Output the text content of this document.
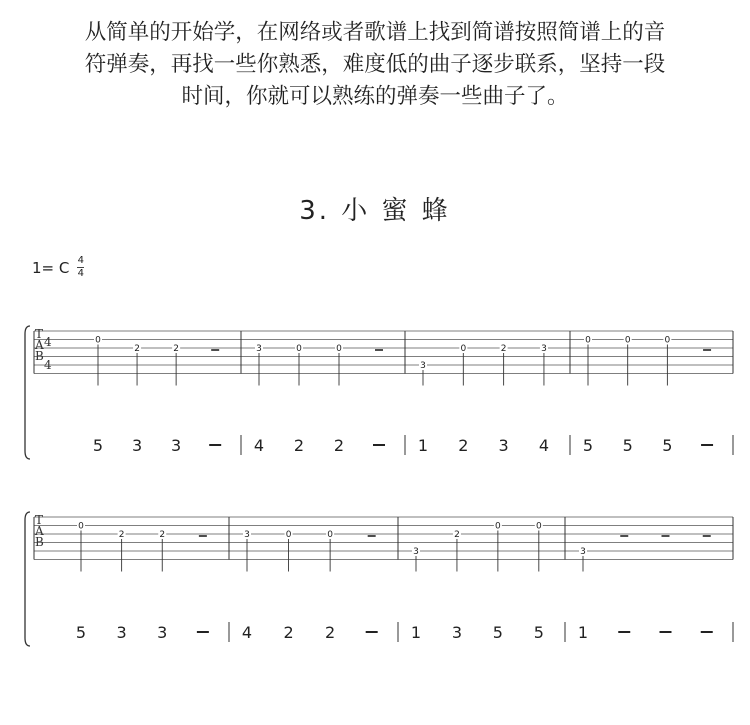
从简单的开始学，在网络或者歌谱上找到简谱按照简谱上的音
符弹奏，再找一些你熟悉，难度低的曲子逐步联系，坚持一段
时间，你就可以熟练的弹奏一些曲子了。
3. 小 蜜 蜂
1= C 4
4
T
A
B
4
4
0
2	2
5 3 3
3	0	0
4 2 2
3
0	2	3
1 2 3 4
0	0	0
5 5 5
T
A
B
0
2	2
5 3 3
3	0	0
4 2 2
3
2
0	0
1 3 5 5
3
1
